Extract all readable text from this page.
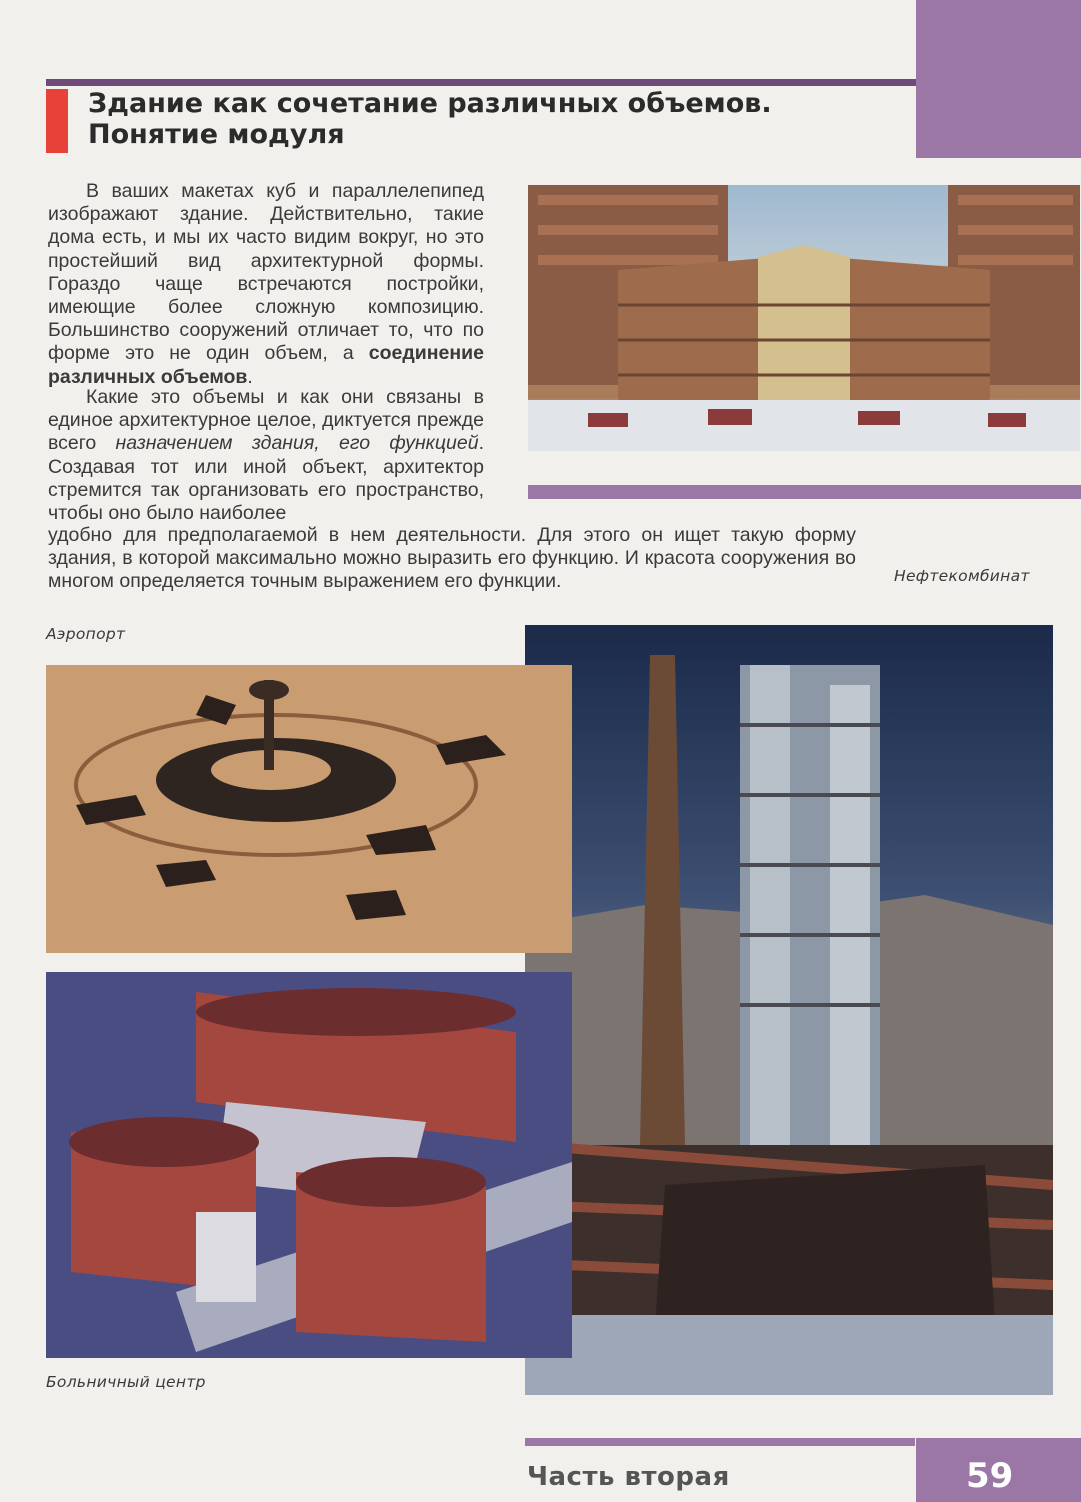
Здание как сочетание различных объемов.
Понятие модуля
В ваших макетах куб и параллелепипед изображают здание. Действительно, такие дома есть, и мы их часто видим вокруг, но это простейший вид архитектурной формы. Гораздо чаще встречаются постройки, имеющие более сложную композицию. Большинство сооружений отличает то, что по форме это не один объем, а соединение различных объемов.
Какие это объемы и как они связаны в единое архитектурное целое, диктуется прежде всего назначением здания, его функцией. Создавая тот или иной объект, архитектор стремится так организовать его пространство, чтобы оно было наиболее
удобно для предполагаемой в нем деятельности. Для этого он ищет такую форму здания, в которой максимально можно выразить его функцию. И красота сооружения во многом определяется точным выражением его функции.	Нефтекомбинат
Аэропорт
Больничный центр
Часть вторая	59
